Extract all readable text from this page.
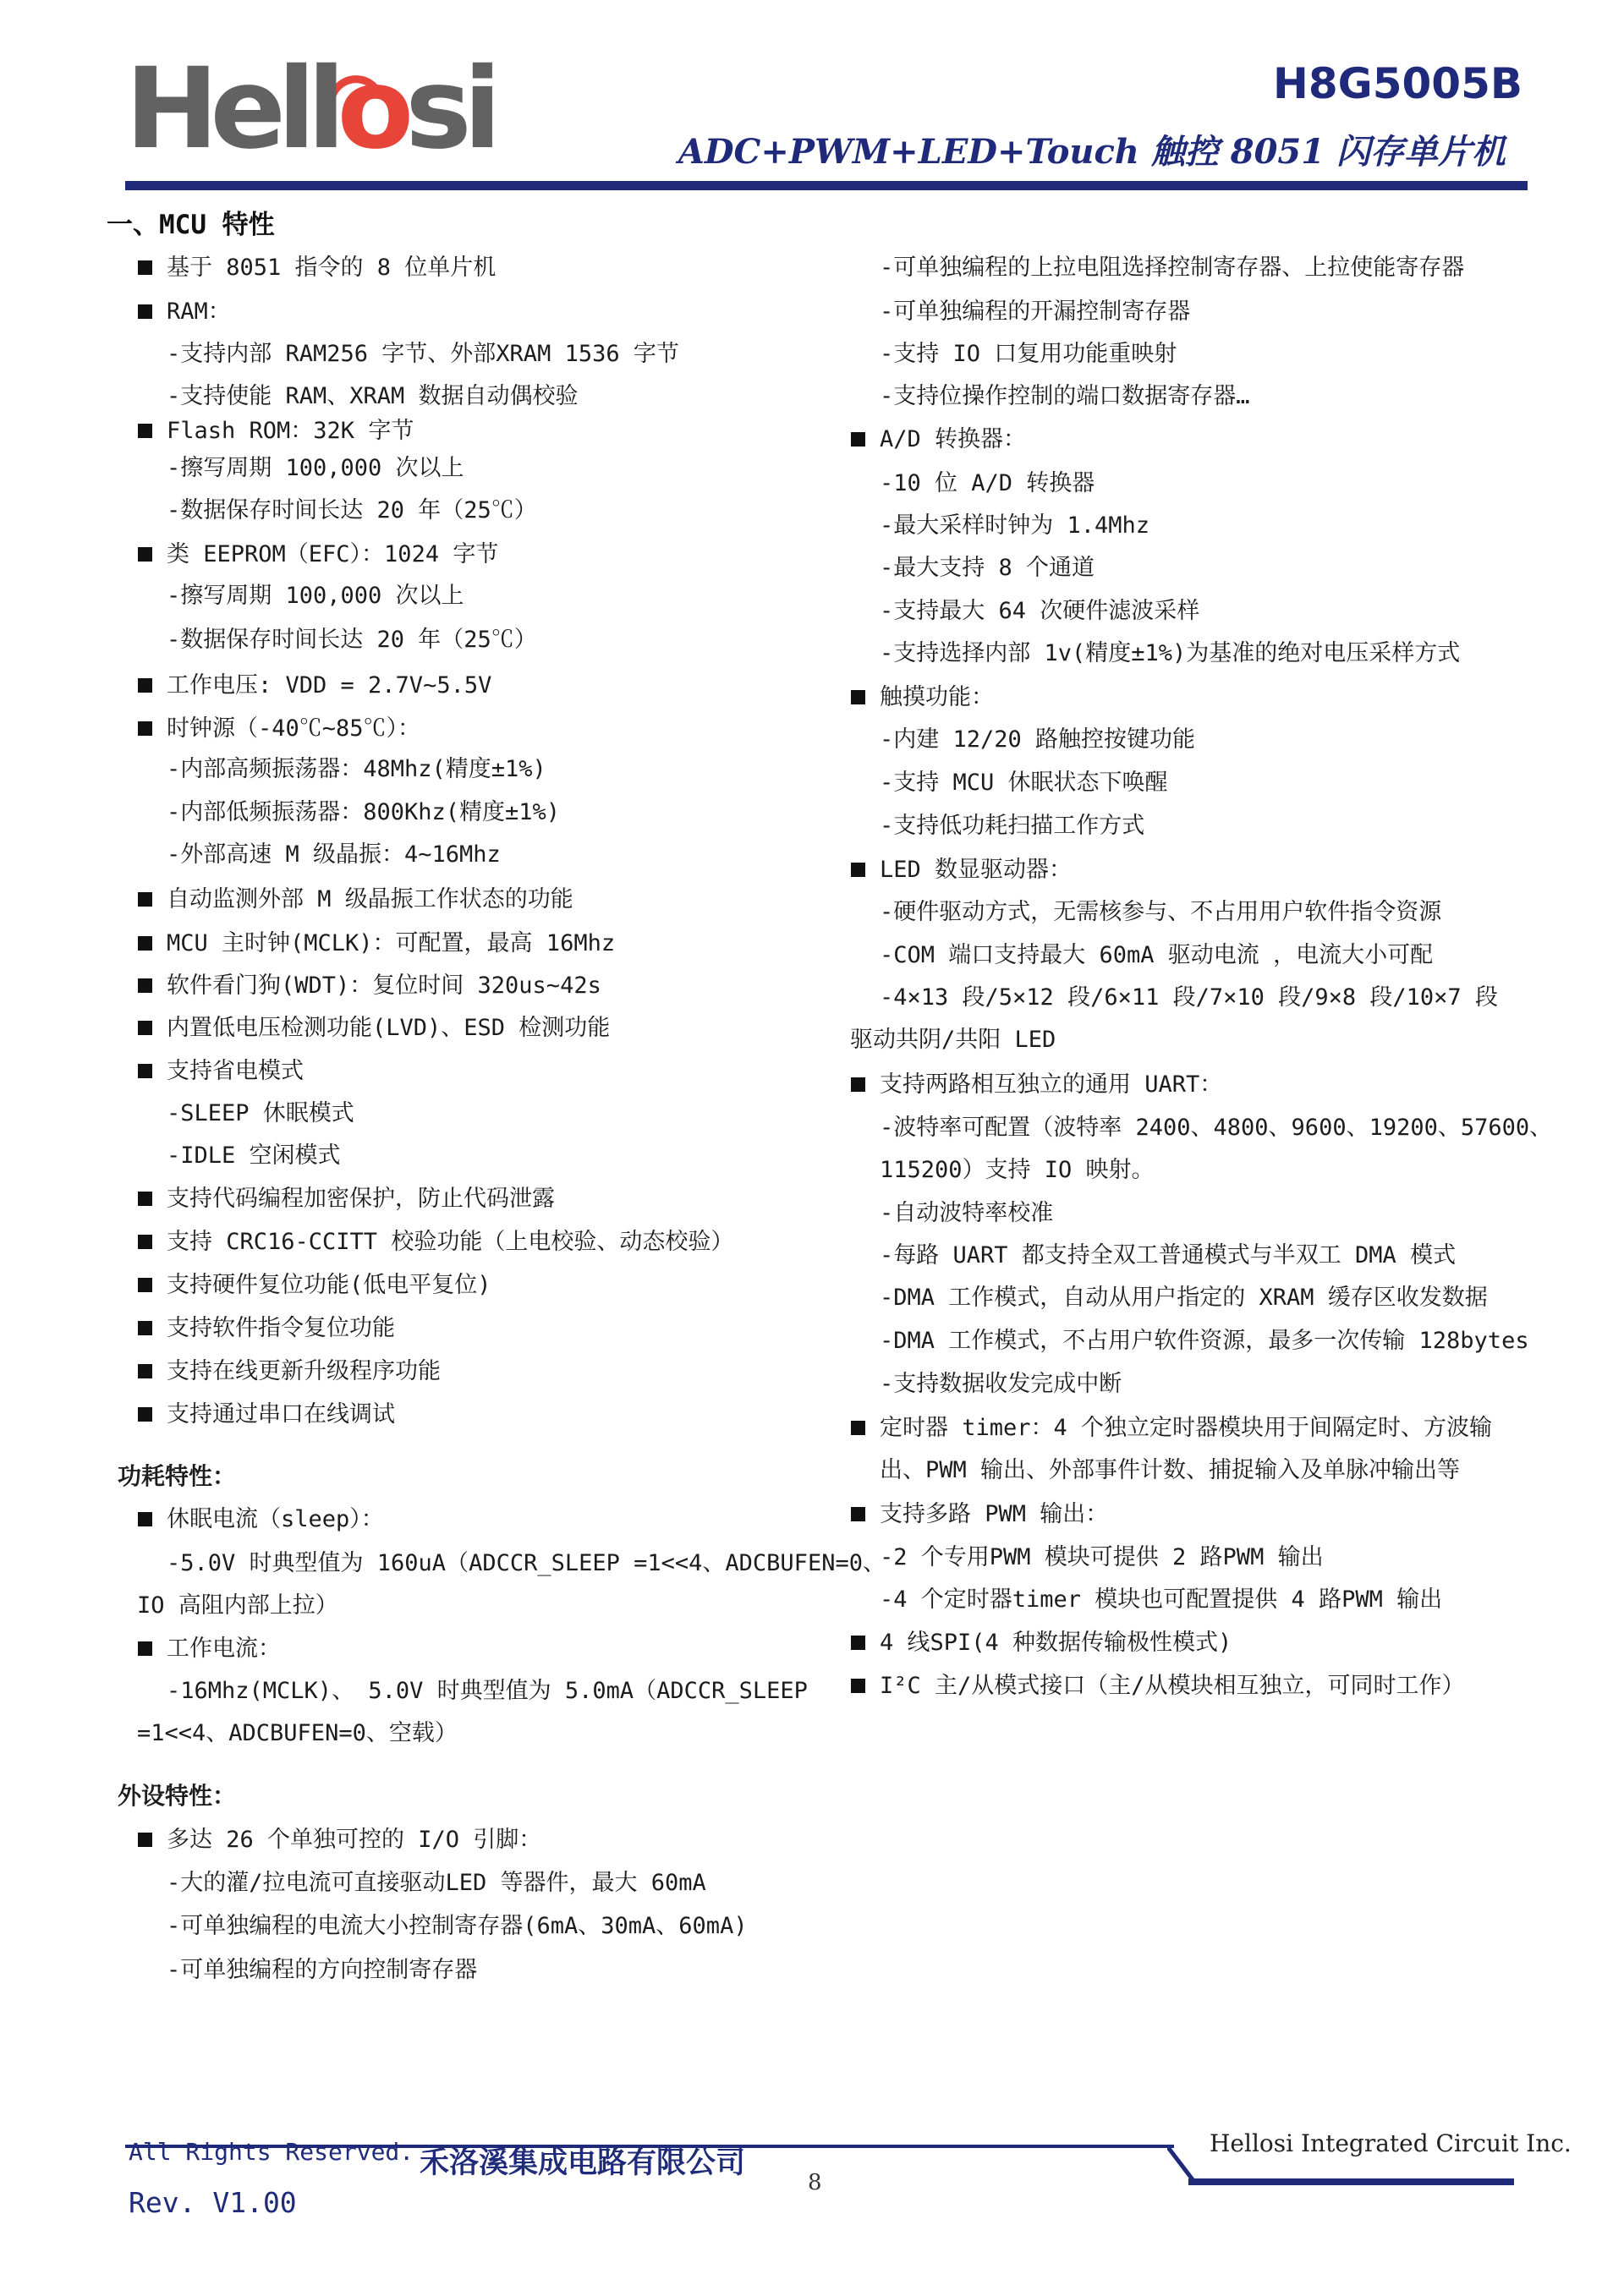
Hellosi	H8G5005B
ADC+PWM+LED+Touch 触控 8051 闪存单片机
一、MCU 特性
基于 8051 指令的 8 位单片机
RAM：
-支持内部 RAM256 字节、外部XRAM 1536 字节
-支持使能 RAM、XRAM 数据自动偶校验
Flash ROM：32K 字节
-擦写周期 100,000 次以上
-数据保存时间长达 20 年（25℃）
类 EEPROM（EFC）：1024 字节
-擦写周期 100,000 次以上
-数据保存时间长达 20 年（25℃）
工作电压: VDD = 2.7V~5.5V
时钟源（-40℃~85℃）：
-内部高频振荡器：48Mhz(精度±1%)
-内部低频振荡器：800Khz(精度±1%)
-外部高速 M 级晶振：4~16Mhz
自动监测外部 M 级晶振工作状态的功能
MCU 主时钟(MCLK)：可配置，最高 16Mhz
软件看门狗(WDT)：复位时间 320us~42s
内置低电压检测功能(LVD)、ESD 检测功能
支持省电模式
-SLEEP 休眠模式
-IDLE 空闲模式
支持代码编程加密保护，防止代码泄露
支持 CRC16-CCITT 校验功能（上电校验、动态校验）
支持硬件复位功能(低电平复位)
支持软件指令复位功能
支持在线更新升级程序功能
支持通过串口在线调试
功耗特性：
休眠电流（sleep）：
-5.0V 时典型值为 160uA（ADCCR_SLEEP =1<<4、ADCBUFEN=0、
IO 高阻内部上拉）
工作电流：
-16Mhz(MCLK)、 5.0V 时典型值为 5.0mA（ADCCR_SLEEP
=1<<4、ADCBUFEN=0、空载）
外设特性：
多达 26 个单独可控的 I/O 引脚：
-大的灌/拉电流可直接驱动LED 等器件，最大 60mA
-可单独编程的电流大小控制寄存器(6mA、30mA、60mA)
-可单独编程的方向控制寄存器
-可单独编程的上拉电阻选择控制寄存器、上拉使能寄存器
-可单独编程的开漏控制寄存器
-支持 IO 口复用功能重映射
-支持位操作控制的端口数据寄存器…
A/D 转换器：
-10 位 A/D 转换器
-最大采样时钟为 1.4Mhz
-最大支持 8 个通道
-支持最大 64 次硬件滤波采样
-支持选择内部 1v(精度±1%)为基准的绝对电压采样方式
触摸功能：
-内建 12/20 路触控按键功能
-支持 MCU 休眠状态下唤醒
-支持低功耗扫描工作方式
LED 数显驱动器：
-硬件驱动方式，无需核参与、不占用用户软件指令资源
-COM 端口支持最大 60mA 驱动电流 ，电流大小可配
-4×13 段/5×12 段/6×11 段/7×10 段/9×8 段/10×7 段
驱动共阴/共阳 LED
支持两路相互独立的通用 UART：
-波特率可配置（波特率 2400、4800、9600、19200、57600、
115200）支持 IO 映射。
-自动波特率校准
-每路 UART 都支持全双工普通模式与半双工 DMA 模式
-DMA 工作模式，自动从用户指定的 XRAM 缓存区收发数据
-DMA 工作模式，不占用户软件资源，最多一次传输 128bytes
-支持数据收发完成中断
定时器 timer：4 个独立定时器模块用于间隔定时、方波输
出、PWM 输出、外部事件计数、捕捉输入及单脉冲输出等
支持多路 PWM 输出：
-2 个专用PWM 模块可提供 2 路PWM 输出
-4 个定时器timer 模块也可配置提供 4 路PWM 输出
4 线SPI(4 种数据传输极性模式)
I²C 主/从模式接口（主/从模块相互独立，可同时工作）
All Rights Reserved.
Rev. V1.00
禾洛溪集成电路有限公司
8
Hellosi Integrated Circuit Inc.
